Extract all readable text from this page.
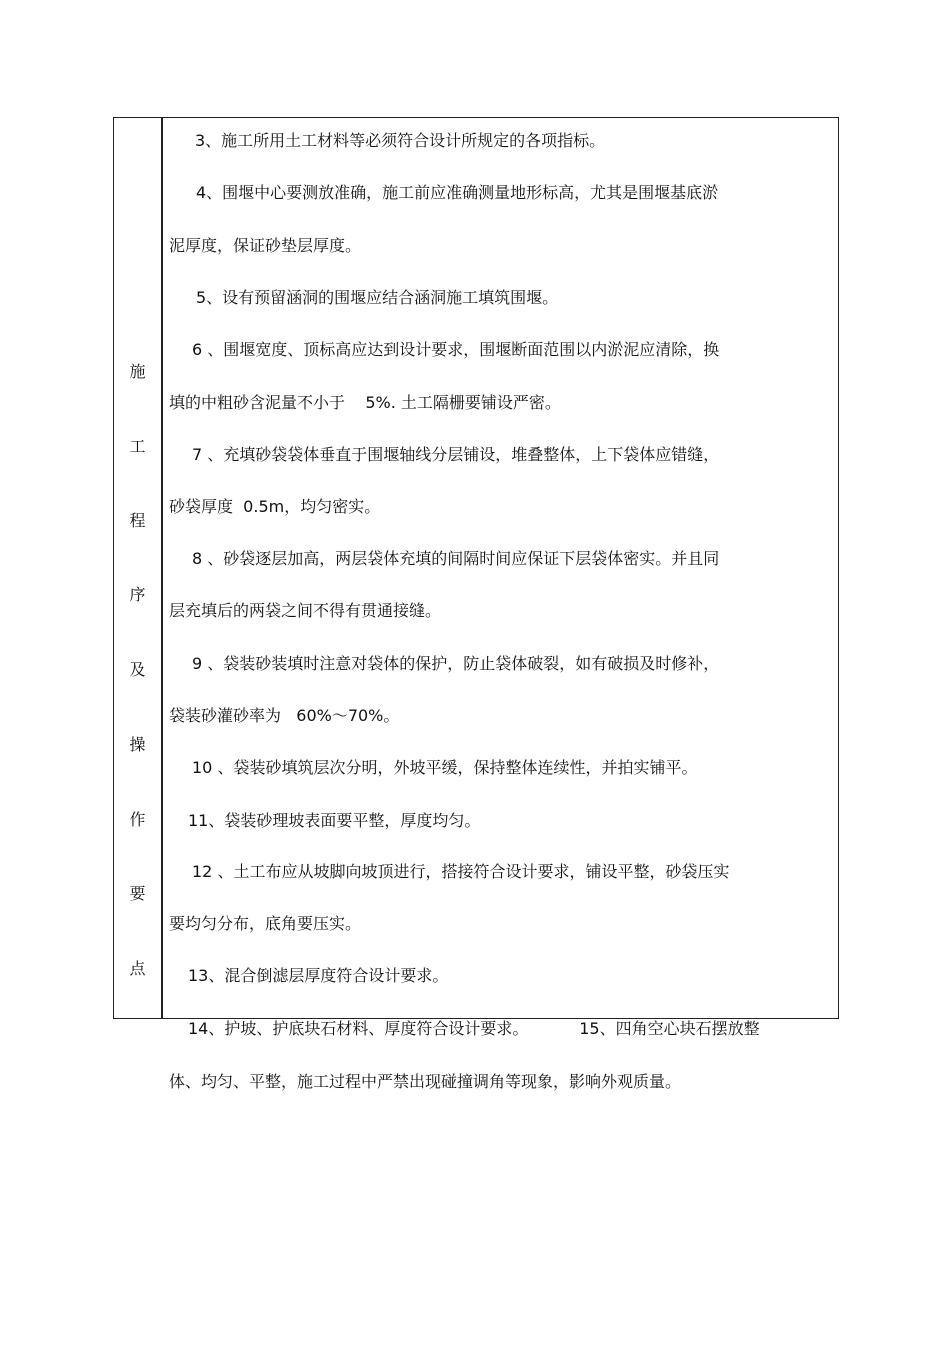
施
工
程
序
及
操
作
要
点
3、施工所用土工材料等必须符合设计所规定的各项指标。
4、围堰中心要测放准确，施工前应准确测量地形标高，尤其是围堰基底淤
泥厚度，保证砂垫层厚度。
5、设有预留涵洞的围堰应结合涵洞施工填筑围堰。
6 、围堰宽度、顶标高应达到设计要求，围堰断面范围以内淤泥应清除，换
填的中粗砂含泥量不小于    5%. 土工隔栅要铺设严密。
7 、充填砂袋袋体垂直于围堰轴线分层铺设，堆叠整体，上下袋体应错缝，
砂袋厚度  0.5m，均匀密实。
8 、砂袋逐层加高，两层袋体充填的间隔时间应保证下层袋体密实。并且同
层充填后的两袋之间不得有贯通接缝。
9 、袋装砂装填时注意对袋体的保护，防止袋体破裂，如有破损及时修补，
袋装砂灌砂率为   60%～70%。
10 、袋装砂填筑层次分明，外坡平缓，保持整体连续性，并拍实铺平。
11、袋装砂理坡表面要平整，厚度均匀。
12 、土工布应从坡脚向坡顶进行，搭接符合设计要求，铺设平整，砂袋压实
要均匀分布，底角要压实。
13、混合倒滤层厚度符合设计要求。
14、护坡、护底块石材料、厚度符合设计要求。          15、四角空心块石摆放整
体、均匀、平整，施工过程中严禁出现碰撞调角等现象，影响外观质量。
